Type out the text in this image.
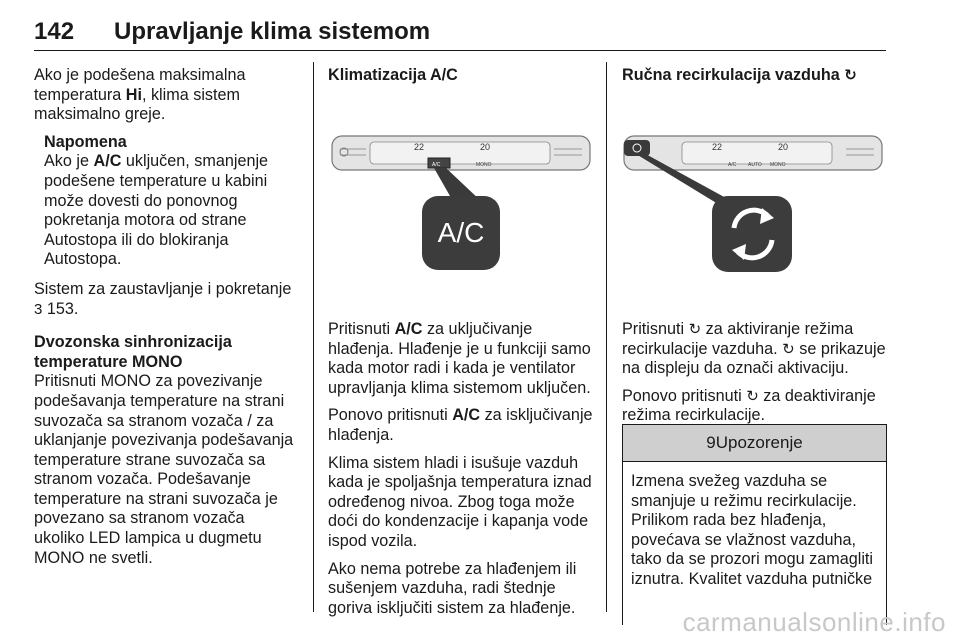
142 Upravljanje klima sistemom

Ako je podešena maksimalna temperatura Hi, klima sistem maksimalno greje.

Napomena
Ako je A/C uključen, smanjenje podešene temperature u kabini može dovesti do ponovnog pokretanja motora od strane Autostopa ili do blokiranja Autostopa.

Sistem za zaustavljanje i pokretanje 3 153.

Dvozonska sinhronizacija temperature MONO

Pritisnuti MONO za povezivanje podešavanja temperature na strani suvozača sa stranom vozača / za uklanjanje povezivanja podešavanja temperature strane suvozača sa stranom vozača. Podešavanje temperature na strani suvozača je povezano sa stranom vozača ukoliko LED lampica u dugmetu MONO ne svetli.

Klimatizacija A/C
22	20
A/C	MONO
A/C

Pritisnuti A/C za uključivanje hlađenja. Hlađenje je u funkciji samo kada motor radi i kada je ventilator upravljanja klima sistemom uključen.

Ponovo pritisnuti A/C za isključivanje hlađenja.

Klima sistem hladi i isušuje vazduh kada je spoljašnja temperatura iznad određenog nivoa. Zbog toga može doći do kondenzacije i kapanja vode ispod vozila.

Ako nema potrebe za hlađenjem ili sušenjem vazduha, radi štednje goriva isključiti sistem za hlađenje.

Ručna recirkulacija vazduha ↻
22	20
A/C AUTO MONO

Pritisnuti ↻ za aktiviranje režima recirkulacije vazduha. ↻ se prikazuje na displeju da označi aktivaciju.

Ponovo pritisnuti ↻ za deaktiviranje režima recirkulacije.

9Upozorenje
Izmena svežeg vazduha se smanjuje u režimu recirkulacije. Prilikom rada bez hlađenja, povećava se vlažnost vazduha, tako da se prozori mogu zamagliti iznutra. Kvalitet vazduha putničke
carmanualsonline.info
